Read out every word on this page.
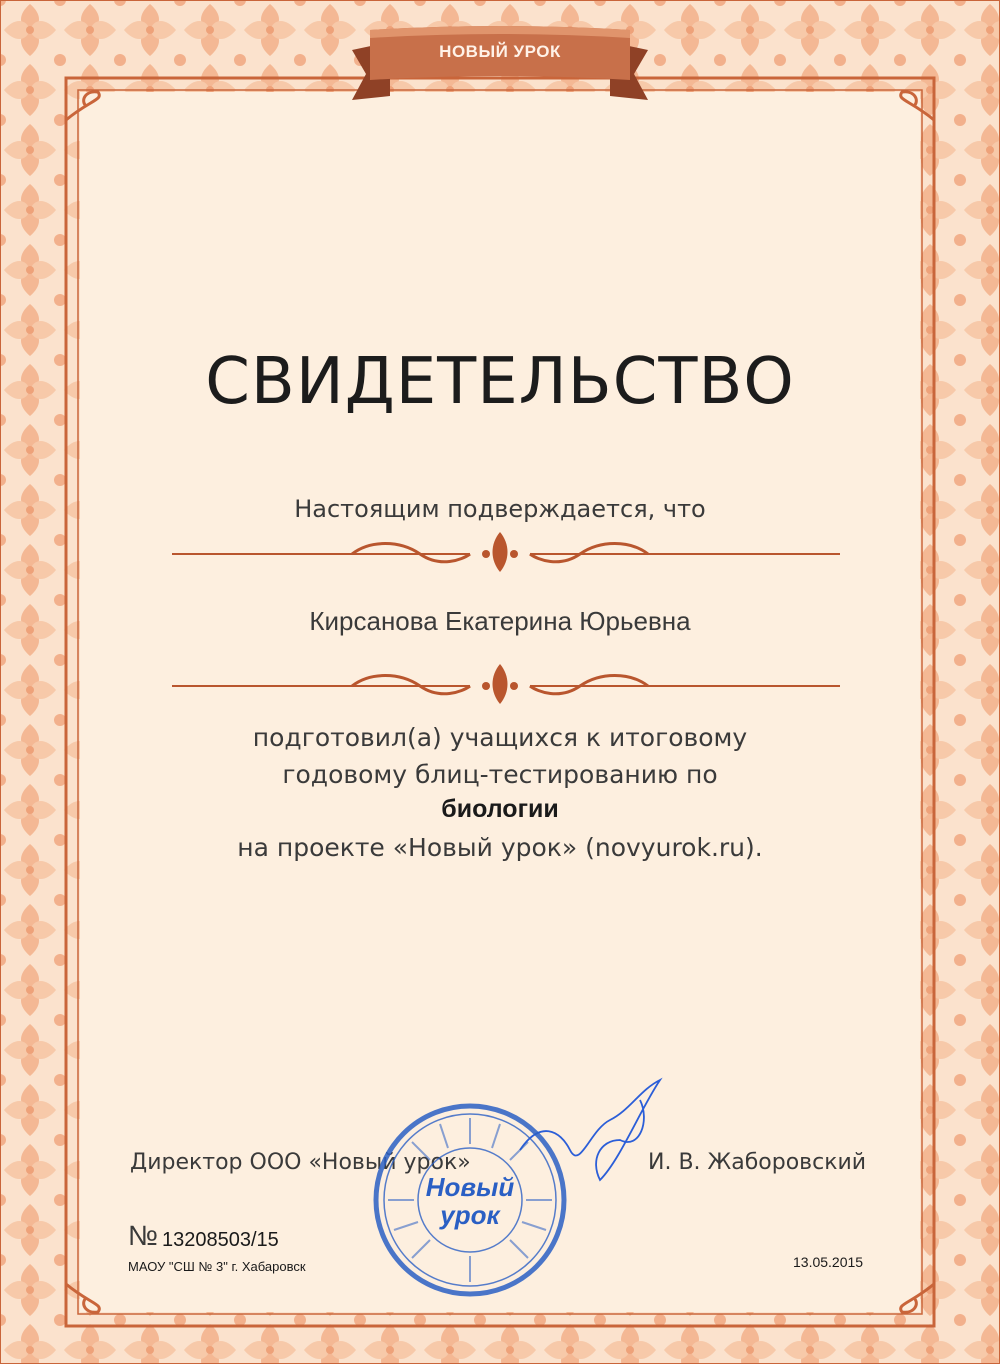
НОВЫЙ УРОК
СВИДЕТЕЛЬСТВО
Настоящим подверждается, что
Кирсанова Екатерина Юрьевна
подготовил(а) учащихся к итоговому
годовому блиц-тестированию по
биологии
на проекте «Новый урок» (novyurok.ru).
Директор ООО «Новый урок»	И. В. Жаборовский
№ 13208503/15
МАОУ "СШ № 3" г. Хабаровск	13.05.2015
Новый
урок
